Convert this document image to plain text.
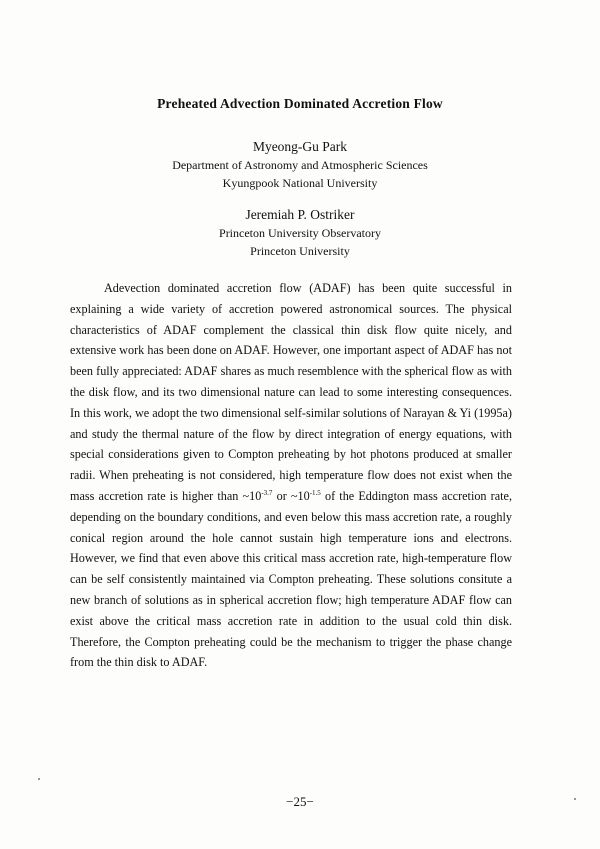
Preheated Advection Dominated Accretion Flow
Myeong-Gu Park
Department of Astronomy and Atmospheric Sciences
Kyungpook National University
Jeremiah P. Ostriker
Princeton University Observatory
Princeton University

Adevection dominated accretion flow (ADAF) has been quite successful in explaining a wide variety of accretion powered astronomical sources. The physical characteristics of ADAF complement the classical thin disk flow quite nicely, and extensive work has been done on ADAF. However, one important aspect of ADAF has not been fully appreciated: ADAF shares as much resemblence with the spherical flow as with the disk flow, and its two dimensional nature can lead to some interesting consequences. In this work, we adopt the two dimensional self-similar solutions of Narayan & Yi (1995a) and study the thermal nature of the flow by direct integration of energy equations, with special considerations given to Compton preheating by hot photons produced at smaller radii. When preheating is not considered, high temperature flow does not exist when the mass accretion rate is higher than $\sim 10^{-3.7}$ or $\sim 10^{-1.5}$ of the Eddington mass accretion rate, depending on the boundary conditions, and even below this mass accretion rate, a roughly conical region around the hole cannot sustain high temperature ions and electrons. However, we find that even above this critical mass accretion rate, high-temperature flow can be self consistently maintained via Compton preheating. These solutions consitute a new branch of solutions as in spherical accretion flow; high temperature ADAF flow can exist above the critical mass accretion rate in addition to the usual cold thin disk. Therefore, the Compton preheating could be the mechanism to trigger the phase change from the thin disk to ADAF.

−25−
